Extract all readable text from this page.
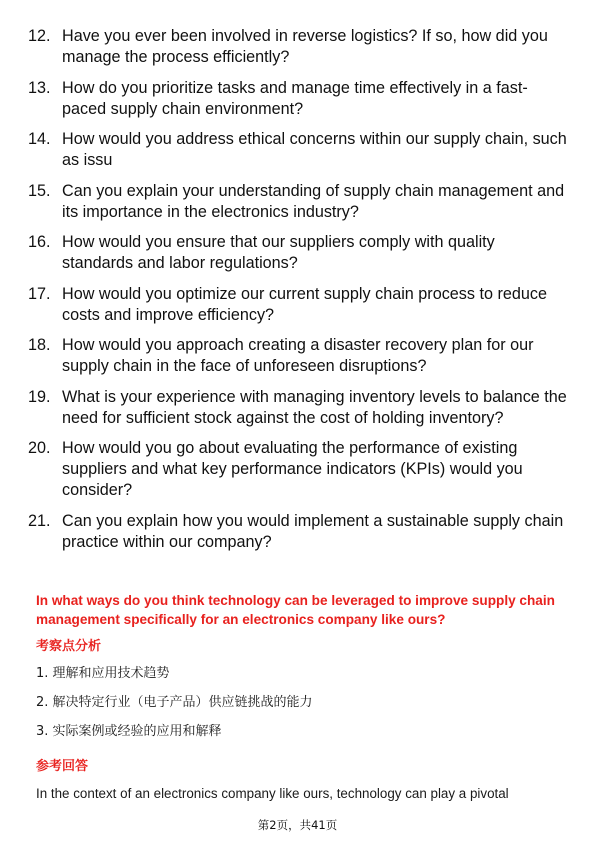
12. Have you ever been involved in reverse logistics? If so, how did you manage the process efficiently?
13. How do you prioritize tasks and manage time effectively in a fast-paced supply chain environment?
14. How would you address ethical concerns within our supply chain, such as issu
15. Can you explain your understanding of supply chain management and its importance in the electronics industry?
16. How would you ensure that our suppliers comply with quality standards and labor regulations?
17. How would you optimize our current supply chain process to reduce costs and improve efficiency?
18. How would you approach creating a disaster recovery plan for our supply chain in the face of unforeseen disruptions?
19. What is your experience with managing inventory levels to balance the need for sufficient stock against the cost of holding inventory?
20. How would you go about evaluating the performance of existing suppliers and what key performance indicators (KPIs) would you consider?
21. Can you explain how you would implement a sustainable supply chain practice within our company?
In what ways do you think technology can be leveraged to improve supply chain management specifically for an electronics company like ours?
考察点分析
1. 理解和应用技术趋势
2. 解决特定行业（电子产品）供应链挑战的能力
3. 实际案例或经验的应用和解释
参考回答
In the context of an electronics company like ours, technology can play a pivotal
第2页，共41页
